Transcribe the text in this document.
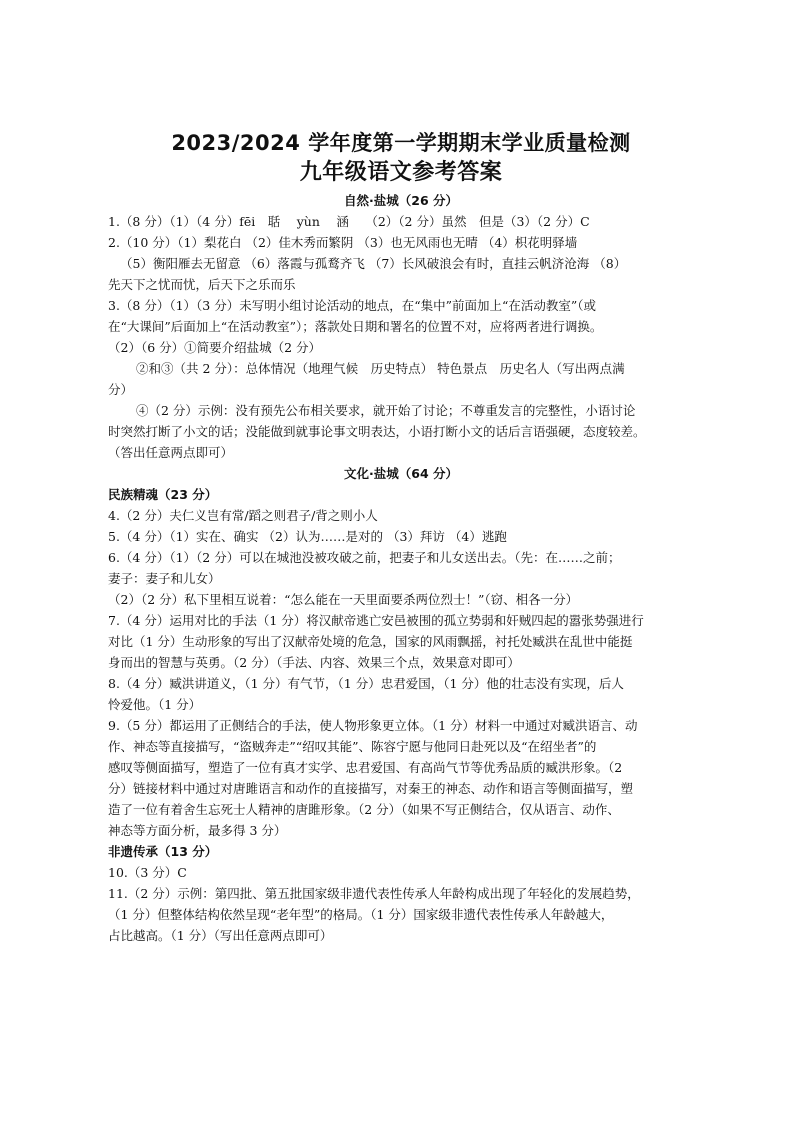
2023/2024 学年度第一学期期末学业质量检测
九年级语文参考答案
自然·盐城（26 分）

1.（8 分）（1）（4 分）fēi　聒　 yùn　 涵　 （2）（2 分）虽然　但是（3）（2 分）C

2.（10 分）（1）梨花白 （2）佳木秀而繁阴 （3）也无风雨也无晴 （4）枳花明驿墙

（5）衡阳雁去无留意 （6）落霞与孤鹜齐飞 （7）长风破浪会有时，直挂云帆济沧海 （8）

先天下之忧而忧，后天下之乐而乐

3.（8 分）（1）（3 分）未写明小组讨论活动的地点，在“集中”前面加上“在活动教室”（或

在“大课间”后面加上“在活动教室”）；落款处日期和署名的位置不对，应将两者进行调换。

（2）（6 分）①简要介绍盐城（2 分）

②和③（共 2 分）：总体情况（地理气候　历史特点） 特色景点　历史名人（写出两点满

分）

④（2 分）示例：没有预先公布相关要求，就开始了讨论；不尊重发言的完整性，小语讨论

时突然打断了小文的话；没能做到就事论事文明表达，小语打断小文的话后言语强硬，态度较差。

（答出任意两点即可）

文化·盐城（64 分）
民族精魂（23 分）

4.（2 分）夫仁义岂有常/蹈之则君子/背之则小人

5.（4 分）（1）实在、确实 （2）认为……是对的 （3）拜访 （4）逃跑

6.（4 分）（1）（2 分）可以在城池没被攻破之前，把妻子和儿女送出去。（先：在……之前；

妻子：妻子和儿女）

（2）（2 分）私下里相互说着：“怎么能在一天里面要杀两位烈士！”（窃、相各一分）

7.（4 分）运用对比的手法（1 分）将汉献帝逃亡安邑被围的孤立势弱和奸贼四起的嚣张势强进行

对比（1 分）生动形象的写出了汉献帝处境的危急，国家的风雨飘摇，衬托处臧洪在乱世中能挺

身而出的智慧与英勇。（2 分）（手法、内容、效果三个点，效果意对即可）

8.（4 分）臧洪讲道义，（1 分）有气节，（1 分）忠君爱国，（1 分）他的壮志没有实现，后人

怜爱他。（1 分）

9.（5 分）都运用了正侧结合的手法，使人物形象更立体。（1 分）材料一中通过对臧洪语言、动

作、神态等直接描写，“盗贼奔走”“绍叹其能”、陈容宁愿与他同日赴死以及“在绍坐者”的

感叹等侧面描写，塑造了一位有真才实学、忠君爱国、有高尚气节等优秀品质的臧洪形象。（2

分）链接材料中通过对唐雎语言和动作的直接描写，对秦王的神态、动作和语言等侧面描写，塑

造了一位有着舍生忘死士人精神的唐雎形象。（2 分）（如果不写正侧结合，仅从语言、动作、

神态等方面分析，最多得 3 分）

非遗传承（13 分）

10.（3 分）C

11.（2 分）示例：第四批、第五批国家级非遗代表性传承人年龄构成出现了年轻化的发展趋势，

（1 分）但整体结构依然呈现“老年型”的格局。（1 分）国家级非遗代表性传承人年龄越大，

占比越高。（1 分）（写出任意两点即可）
